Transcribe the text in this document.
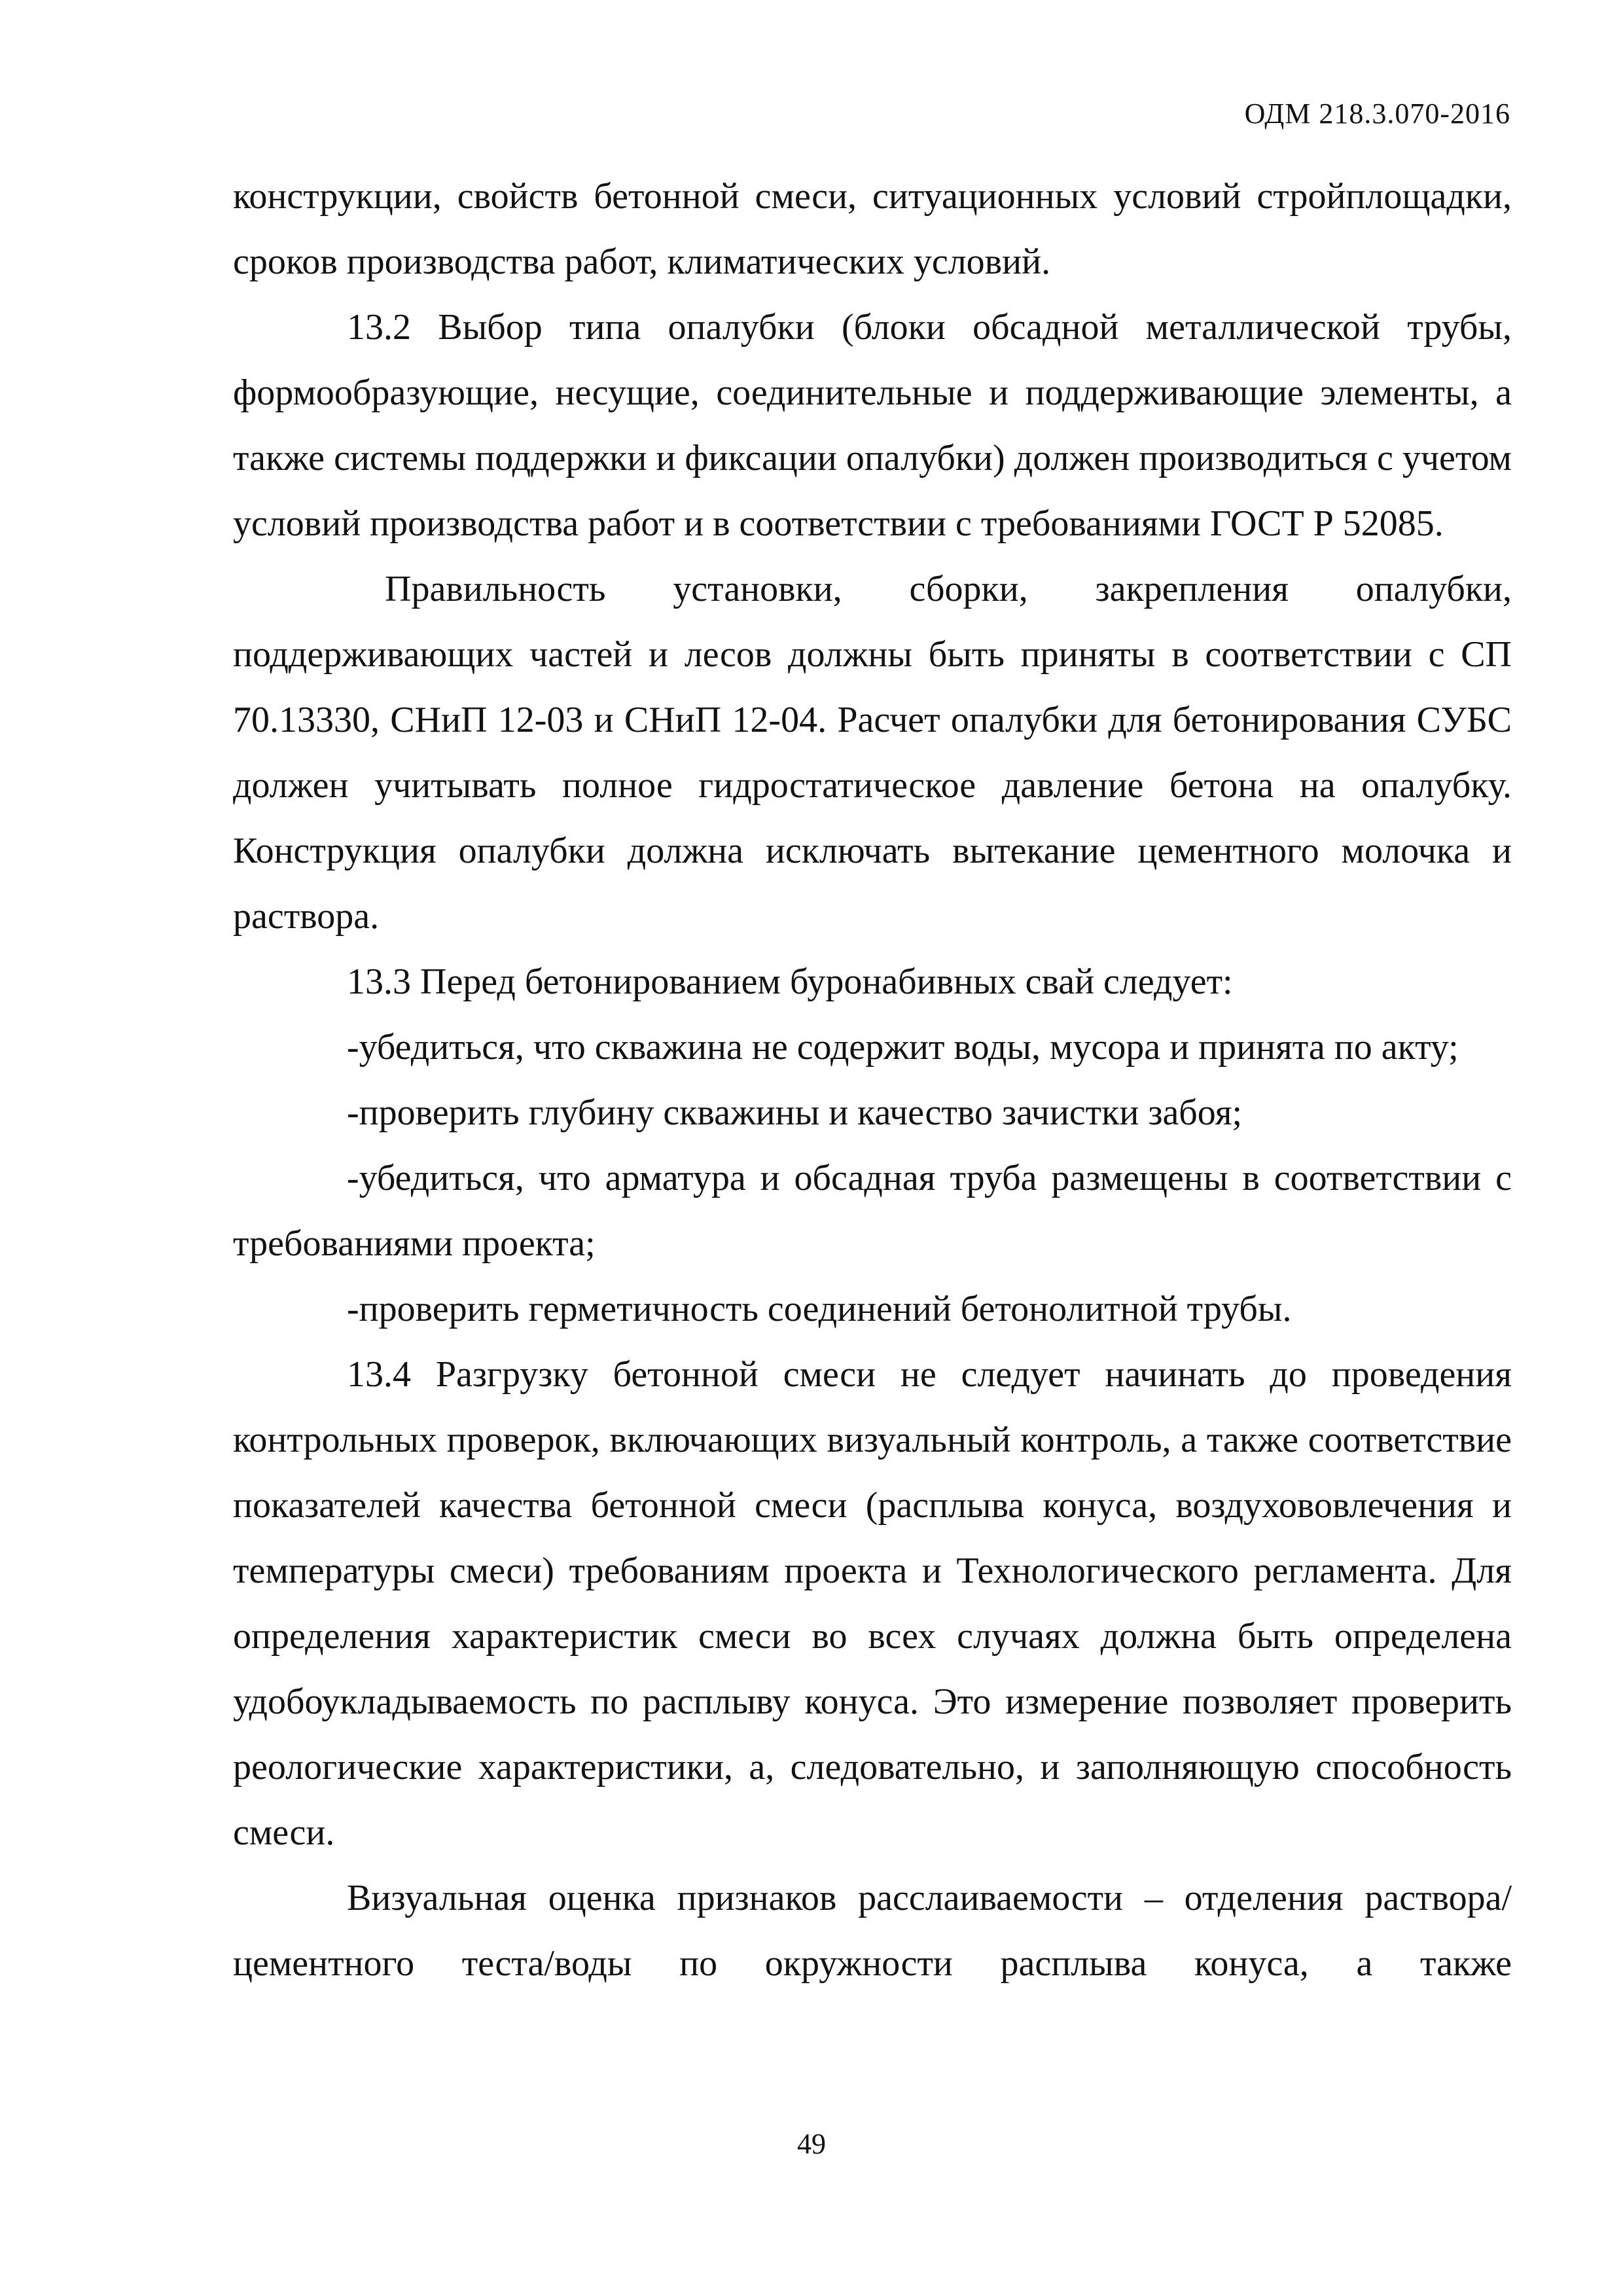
ОДМ 218.3.070-2016

конструкции, свойств бетонной смеси, ситуационных условий стройплощадки, сроков производства работ, климатических условий.

13.2 Выбор типа опалубки (блоки обсадной металлической трубы, формообразующие, несущие, соединительные и поддерживающие элементы, а также системы поддержки и фиксации опалубки) должен производиться с учетом условий производства работ и в соответствии с требованиями ГОСТ Р 52085.

Правильность установки, сборки, закрепления опалубки, поддерживающих частей и лесов должны быть приняты в соответствии с СП 70.13330, СНиП 12-03 и СНиП 12-04. Расчет опалубки для бетонирования СУБС должен учитывать полное гидростатическое давление бетона на опалубку. Конструкция опалубки должна исключать вытекание цементного молочка и раствора.

13.3 Перед бетонированием буронабивных свай следует:

-убедиться, что скважина не содержит воды, мусора и принята по акту;

-проверить глубину скважины и качество зачистки забоя;

-убедиться, что арматура и обсадная труба размещены в соответствии с требованиями проекта;

-проверить герметичность соединений бетонолитной трубы.

13.4 Разгрузку бетонной смеси не следует начинать до проведения контрольных проверок, включающих визуальный контроль, а также соответствие показателей качества бетонной смеси (расплыва конуса, воздухововлечения и температуры смеси) требованиям проекта и Технологического регламента. Для определения характеристик смеси во всех случаях должна быть определена удобоукладываемость по расплыву конуса. Это измерение позволяет проверить реологические характеристики, а, следовательно, и заполняющую способность смеси.

Визуальная оценка признаков расслаиваемости – отделения раствора/цементного теста/воды по окружности расплыва конуса, а также

49
